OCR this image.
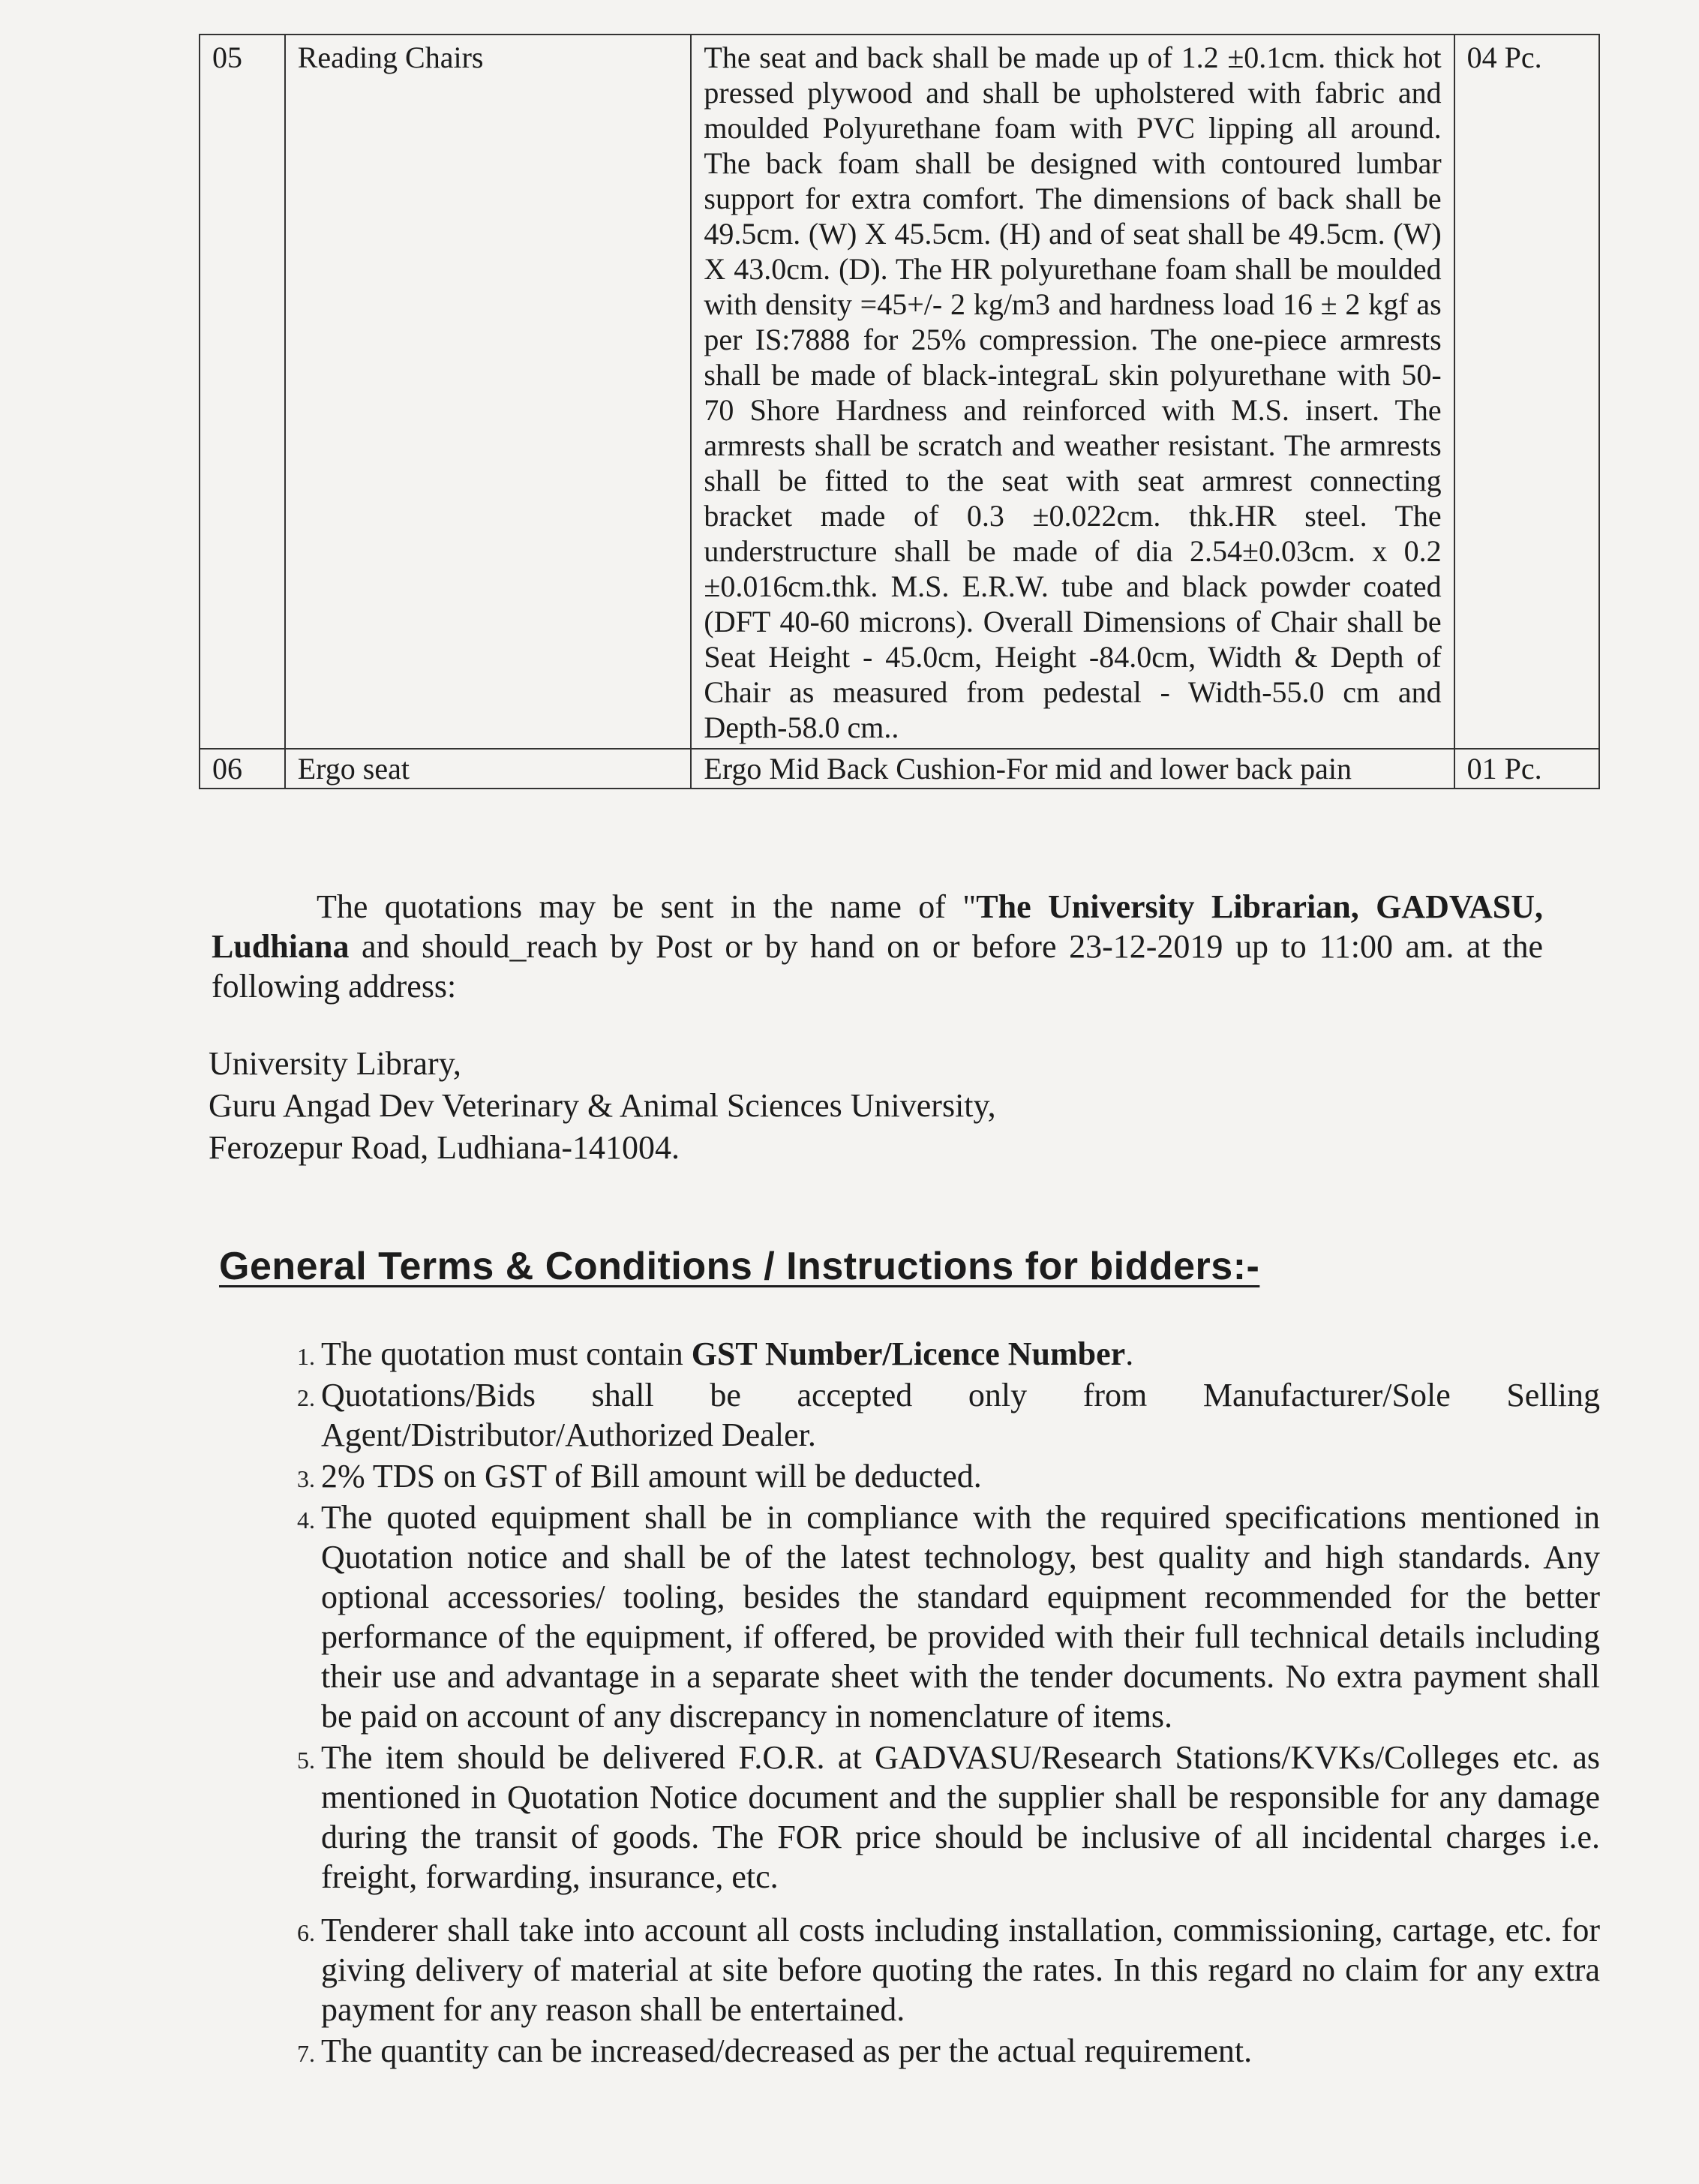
05	Reading Chairs	The seat and back shall be made up of 1.2 ±0.1cm. thick hot pressed plywood and shall be upholstered with fabric and moulded Polyurethane foam with PVC lipping all around. The back foam shall be designed with contoured lumbar support for extra comfort. The dimensions of back shall be 49.5cm. (W) X 45.5cm. (H) and of seat shall be 49.5cm. (W) X 43.0cm. (D). The HR polyurethane foam shall be moulded with density =45+/- 2 kg/m3 and hardness load 16 ± 2 kgf as per IS:7888 for 25% compression. The one-piece armrests shall be made of black-integraL skin polyurethane with 50-70 Shore Hardness and reinforced with M.S. insert. The armrests shall be scratch and weather resistant. The armrests shall be fitted to the seat with seat armrest connecting bracket made of 0.3 ±0.022cm. thk.HR steel. The understructure shall be made of dia 2.54±0.03cm. x 0.2 ±0.016cm.thk. M.S. E.R.W. tube and black powder coated (DFT 40-60 microns). Overall Dimensions of Chair shall be Seat Height - 45.0cm, Height -84.0cm, Width & Depth of Chair as measured from pedestal - Width-55.0 cm and Depth-58.0 cm..	04 Pc.
06	Ergo seat	Ergo Mid Back Cushion-For mid and lower back pain	01 Pc.
The quotations may be sent in the name of "The University Librarian, GADVASU, Ludhiana and should_reach by Post or by hand on or before 23-12-2019 up to 11:00 am. at the following address:
University Library,
Guru Angad Dev Veterinary & Animal Sciences University,
Ferozepur Road, Ludhiana-141004.
General Terms & Conditions / Instructions for bidders:-
1. The quotation must contain GST Number/Licence Number.
2. Quotations/Bids shall be accepted only from Manufacturer/Sole Selling Agent/Distributor/Authorized Dealer.
3. 2% TDS on GST of Bill amount will be deducted.
4. The quoted equipment shall be in compliance with the required specifications mentioned in Quotation notice and shall be of the latest technology, best quality and high standards. Any optional accessories/ tooling, besides the standard equipment recommended for the better performance of the equipment, if offered, be provided with their full technical details including their use and advantage in a separate sheet with the tender documents. No extra payment shall be paid on account of any discrepancy in nomenclature of items.
5. The item should be delivered F.O.R. at GADVASU/Research Stations/KVKs/Colleges etc. as mentioned in Quotation Notice document and the supplier shall be responsible for any damage during the transit of goods. The FOR price should be inclusive of all incidental charges i.e. freight, forwarding, insurance, etc.
6. Tenderer shall take into account all costs including installation, commissioning, cartage, etc. for giving delivery of material at site before quoting the rates. In this regard no claim for any extra payment for any reason shall be entertained.
7. The quantity can be increased/decreased as per the actual requirement.
